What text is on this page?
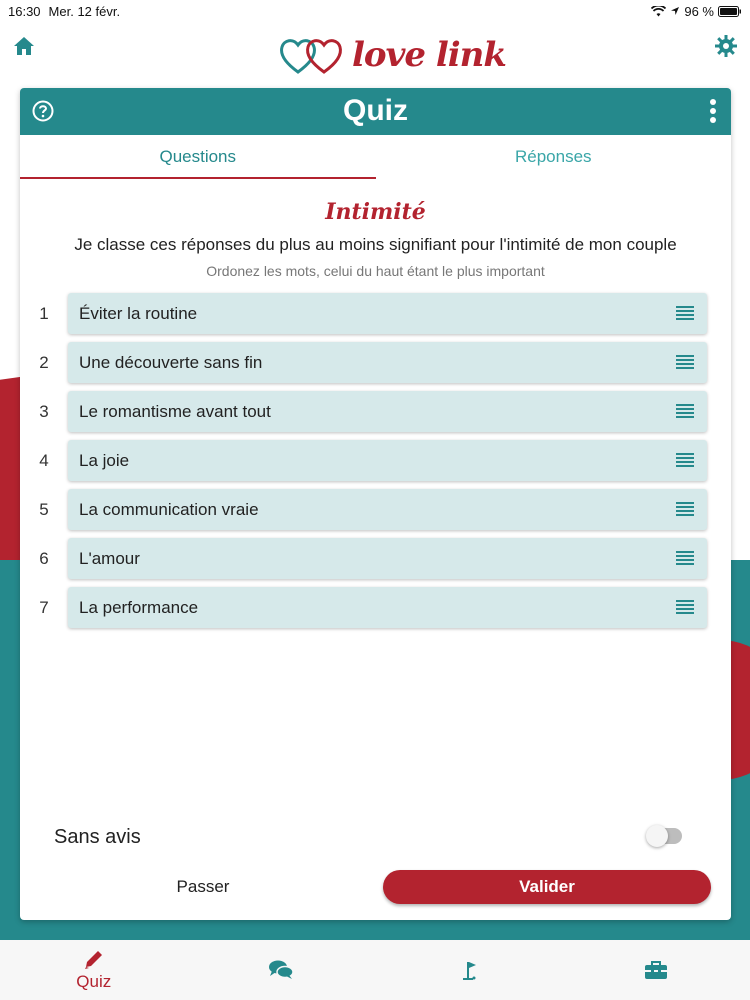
16:30 Mer. 12 févr.	96 %
love link
Quiz
Questions	Réponses
Intimité
Je classe ces réponses du plus au moins signifiant pour l'intimité de mon couple
Ordonez les mots, celui du haut étant le plus important
1	Éviter la routine
2	Une découverte sans fin
3	Le romantisme avant tout
4	La joie
5	La communication vraie
6	L'amour
7	La performance
Sans avis
Passer	Valider
Quiz
